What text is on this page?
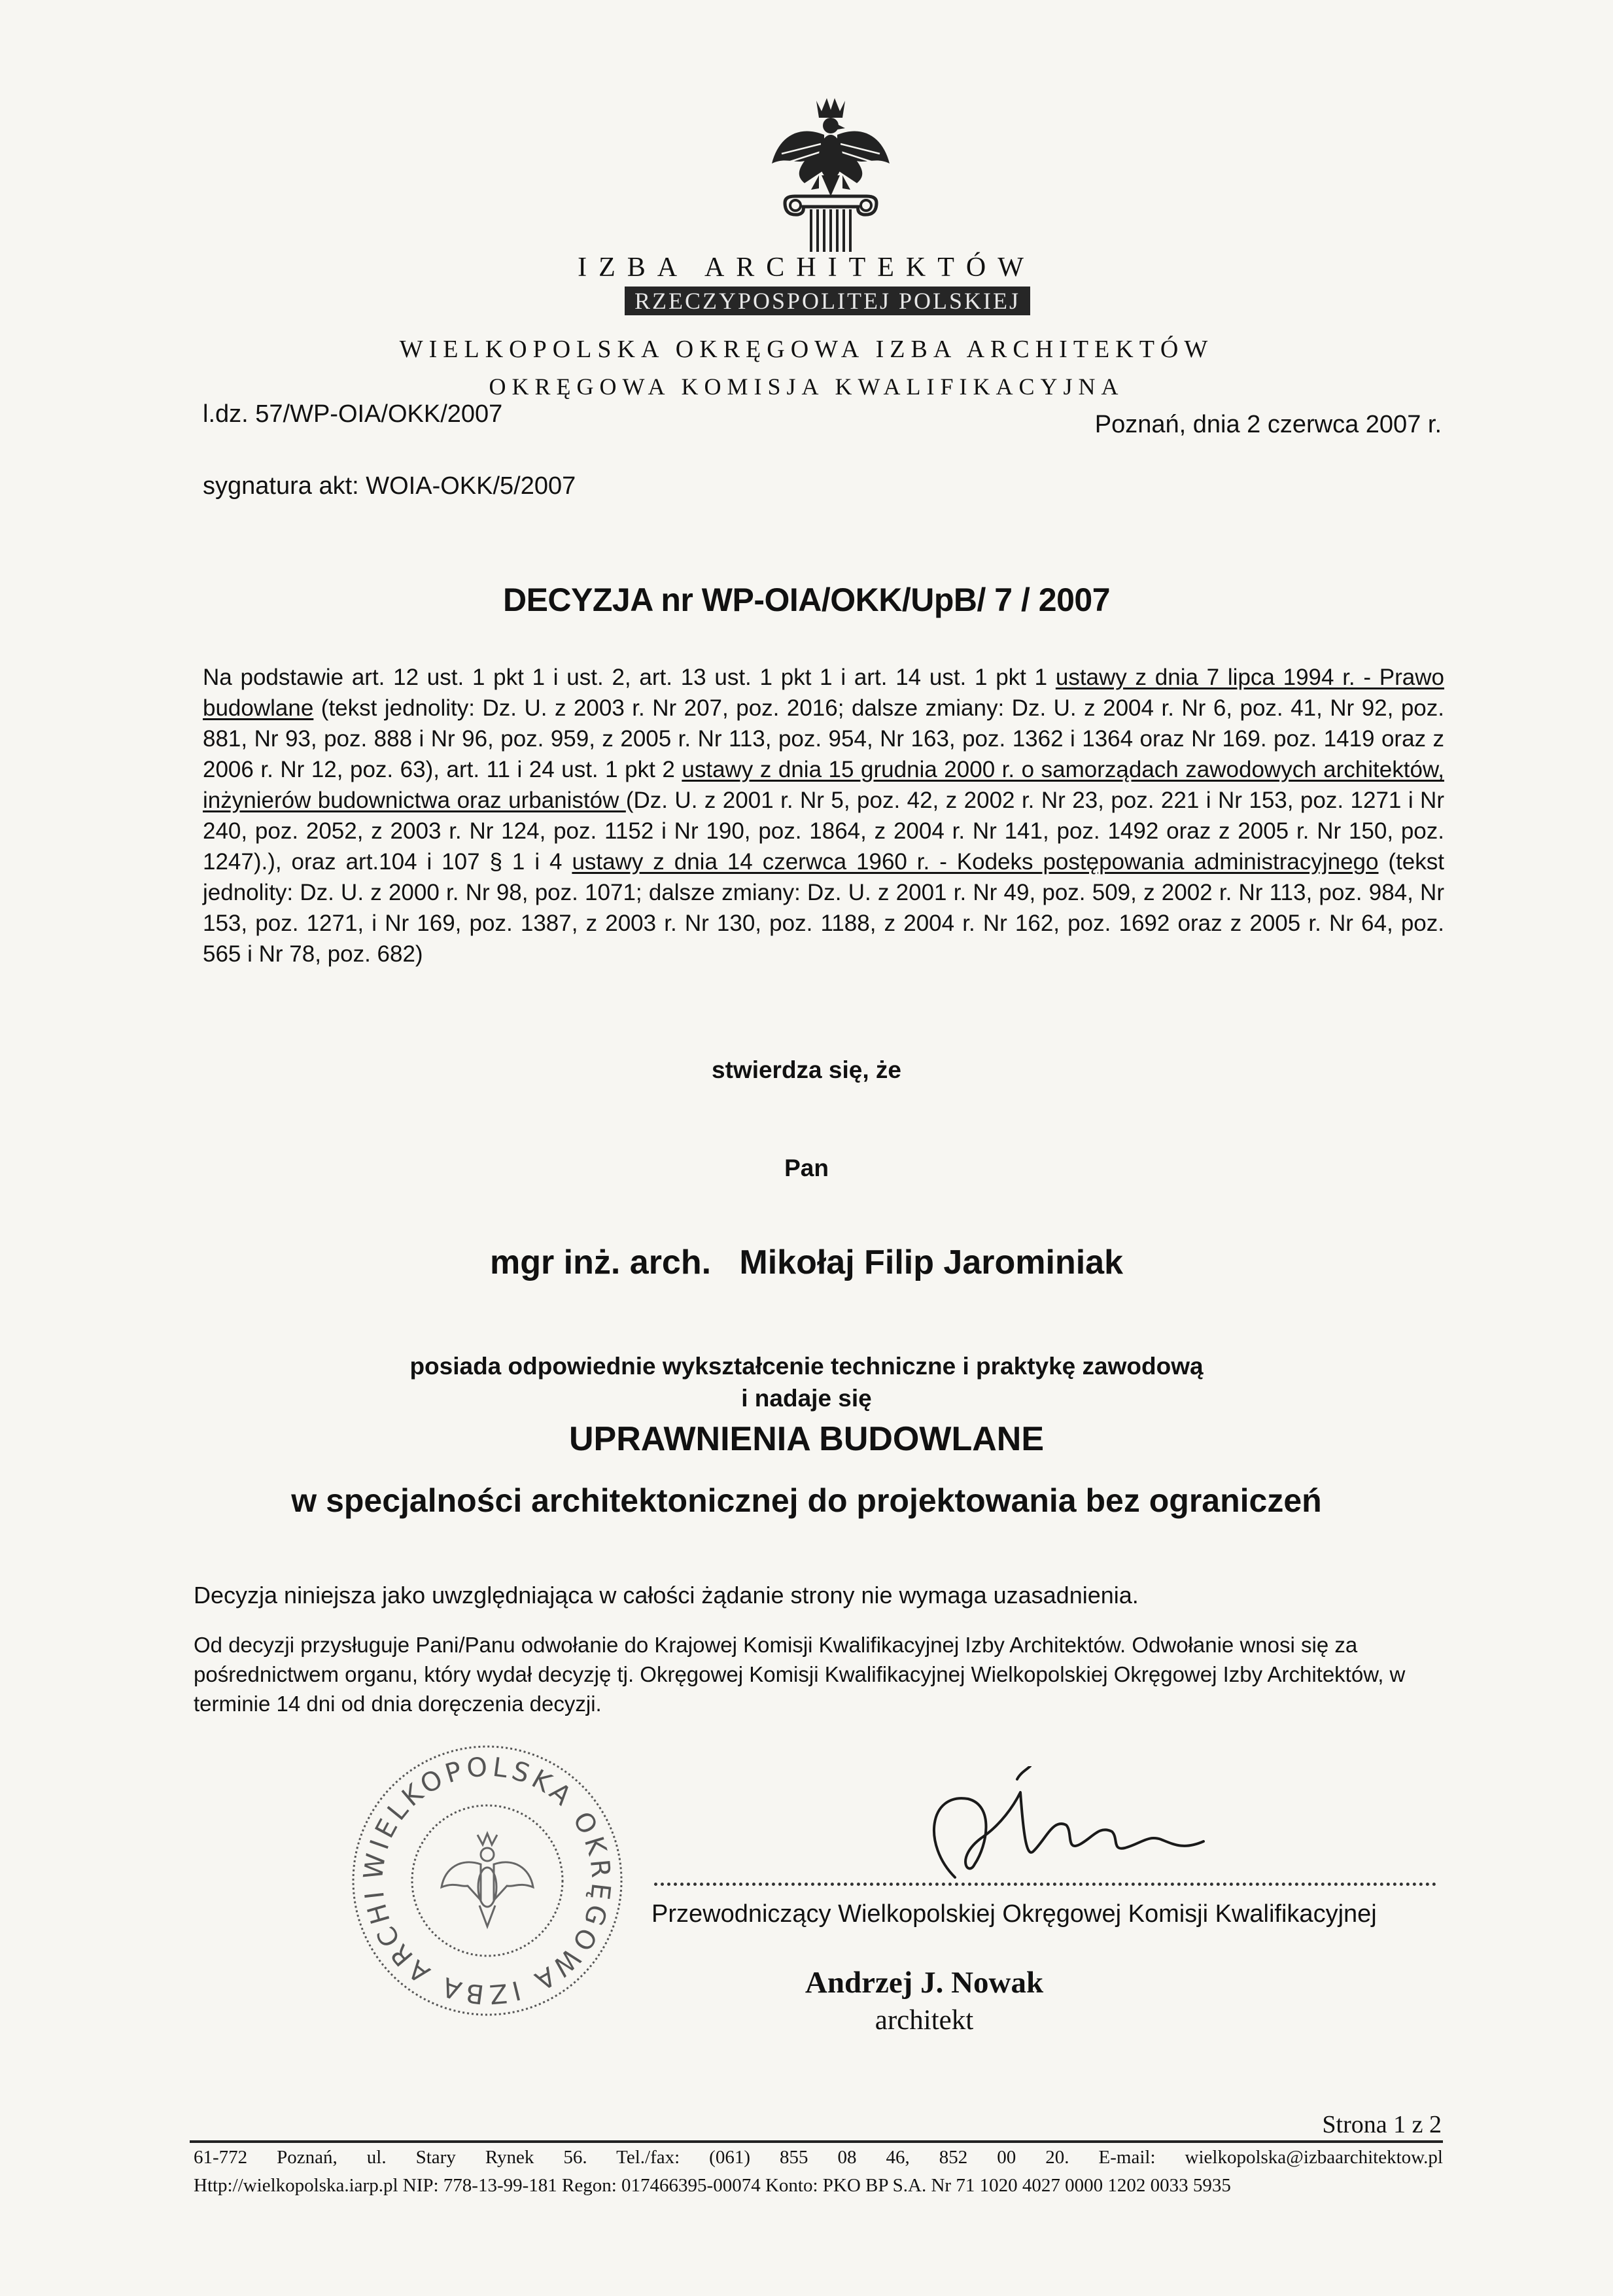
IZBA ARCHITEKTÓW
RZECZYPOSPOLITEJ POLSKIEJ
WIELKOPOLSKA OKRĘGOWA IZBA ARCHITEKTÓW
OKRĘGOWA KOMISJA KWALIFIKACYJNA
l.dz. 57/WP-OIA/OKK/2007	Poznań, dnia 2 czerwca 2007 r.
sygnatura akt: WOIA-OKK/5/2007
DECYZJA nr WP-OIA/OKK/UpB/ 7 / 2007
Na podstawie art. 12 ust. 1 pkt 1 i ust. 2, art. 13 ust. 1 pkt 1 i art. 14 ust. 1 pkt 1 ustawy z dnia 7 lipca 1994 r. - Prawo budowlane (tekst jednolity: Dz. U. z 2003 r. Nr 207, poz. 2016; dalsze zmiany: Dz. U. z 2004 r. Nr 6, poz. 41, Nr 92, poz. 881, Nr 93, poz. 888 i Nr 96, poz. 959, z 2005 r. Nr 113, poz. 954, Nr 163, poz. 1362 i 1364 oraz Nr 169. poz. 1419 oraz z 2006 r. Nr 12, poz. 63), art. 11 i 24 ust. 1 pkt 2 ustawy z dnia 15 grudnia 2000 r. o samorządach zawodowych architektów, inżynierów budownictwa oraz urbanistów (Dz. U. z 2001 r. Nr 5, poz. 42, z 2002 r. Nr 23, poz. 221 i Nr 153, poz. 1271 i Nr 240, poz. 2052, z 2003 r. Nr 124, poz. 1152 i Nr 190, poz. 1864, z 2004 r. Nr 141, poz. 1492 oraz z 2005 r. Nr 150, poz. 1247).), oraz art.104 i 107 § 1 i 4 ustawy z dnia 14 czerwca 1960 r. - Kodeks postępowania administracyjnego (tekst jednolity: Dz. U. z 2000 r. Nr 98, poz. 1071; dalsze zmiany: Dz. U. z 2001 r. Nr 49, poz. 509, z 2002 r. Nr 113, poz. 984, Nr 153, poz. 1271, i Nr 169, poz. 1387, z 2003 r. Nr 130, poz. 1188, z 2004 r. Nr 162, poz. 1692 oraz z 2005 r. Nr 64, poz. 565 i Nr 78, poz. 682)
stwierdza się, że
Pan
mgr inż. arch.   Mikołaj Filip Jarominiak
posiada odpowiednie wykształcenie techniczne i praktykę zawodową
i nadaje się
UPRAWNIENIA BUDOWLANE
w specjalności architektonicznej do projektowania bez ograniczeń
Decyzja niniejsza jako uwzględniająca w całości żądanie strony nie wymaga uzasadnienia.
Od decyzji przysługuje Pani/Panu odwołanie do Krajowej Komisji Kwalifikacyjnej Izby Architektów. Odwołanie wnosi się za pośrednictwem organu, który wydał decyzję tj. Okręgowej Komisji Kwalifikacyjnej Wielkopolskiej Okręgowej Izby Architektów, w terminie 14 dni od dnia doręczenia decyzji.
WIELKOPOLSKA OKRĘGOWA IZBA ARCHI
Przewodniczący Wielkopolskiej Okręgowej Komisji Kwalifikacyjnej
Andrzej J. Nowak
architekt
Strona 1 z 2
61-772 Poznań, ul. Stary Rynek 56. Tel./fax: (061) 855 08 46, 852 00 20. E-mail: wielkopolska@izbaarchitektow.pl
Http://wielkopolska.iarp.pl NIP: 778-13-99-181 Regon: 017466395-00074 Konto: PKO BP S.A. Nr 71 1020 4027 0000 1202 0033 5935
